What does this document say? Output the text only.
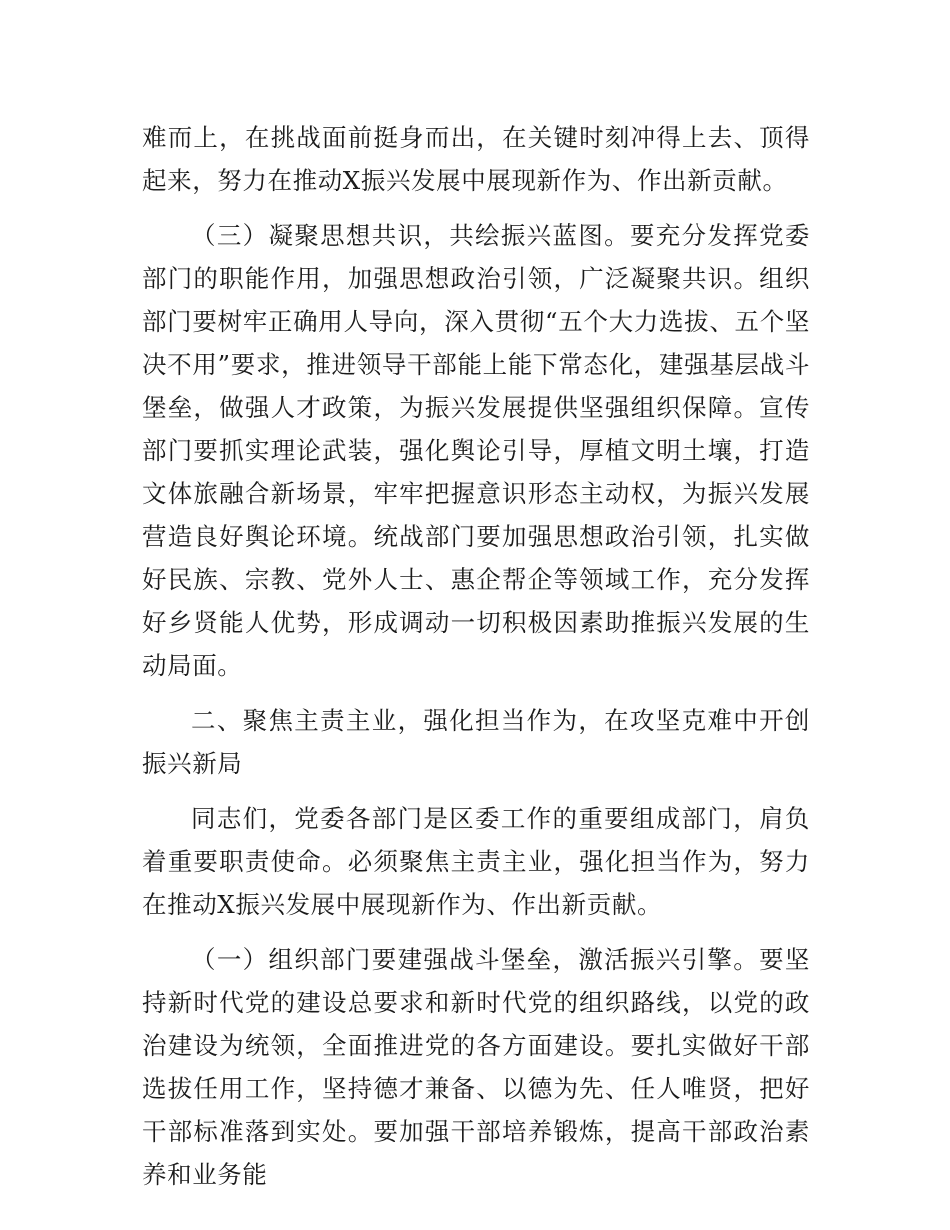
难而上，在挑战面前挺身而出，在关键时刻冲得上去、顶得起来，努力在推动X振兴发展中展现新作为、作出新贡献。

（三）凝聚思想共识，共绘振兴蓝图。要充分发挥党委部门的职能作用，加强思想政治引领，广泛凝聚共识。组织部门要树牢正确用人导向，深入贯彻“五个大力选拔、五个坚决不用”要求，推进领导干部能上能下常态化，建强基层战斗堡垒，做强人才政策，为振兴发展提供坚强组织保障。宣传部门要抓实理论武装，强化舆论引导，厚植文明土壤，打造文体旅融合新场景，牢牢把握意识形态主动权，为振兴发展营造良好舆论环境。统战部门要加强思想政治引领，扎实做好民族、宗教、党外人士、惠企帮企等领域工作，充分发挥好乡贤能人优势，形成调动一切积极因素助推振兴发展的生动局面。

二、聚焦主责主业，强化担当作为，在攻坚克难中开创振兴新局

同志们，党委各部门是区委工作的重要组成部门，肩负着重要职责使命。必须聚焦主责主业，强化担当作为，努力在推动X振兴发展中展现新作为、作出新贡献。

（一）组织部门要建强战斗堡垒，激活振兴引擎。要坚持新时代党的建设总要求和新时代党的组织路线，以党的政治建设为统领，全面推进党的各方面建设。要扎实做好干部选拔任用工作，坚持德才兼备、以德为先、任人唯贤，把好干部标准落到实处。要加强干部培养锻炼，提高干部政治素养和业务能
